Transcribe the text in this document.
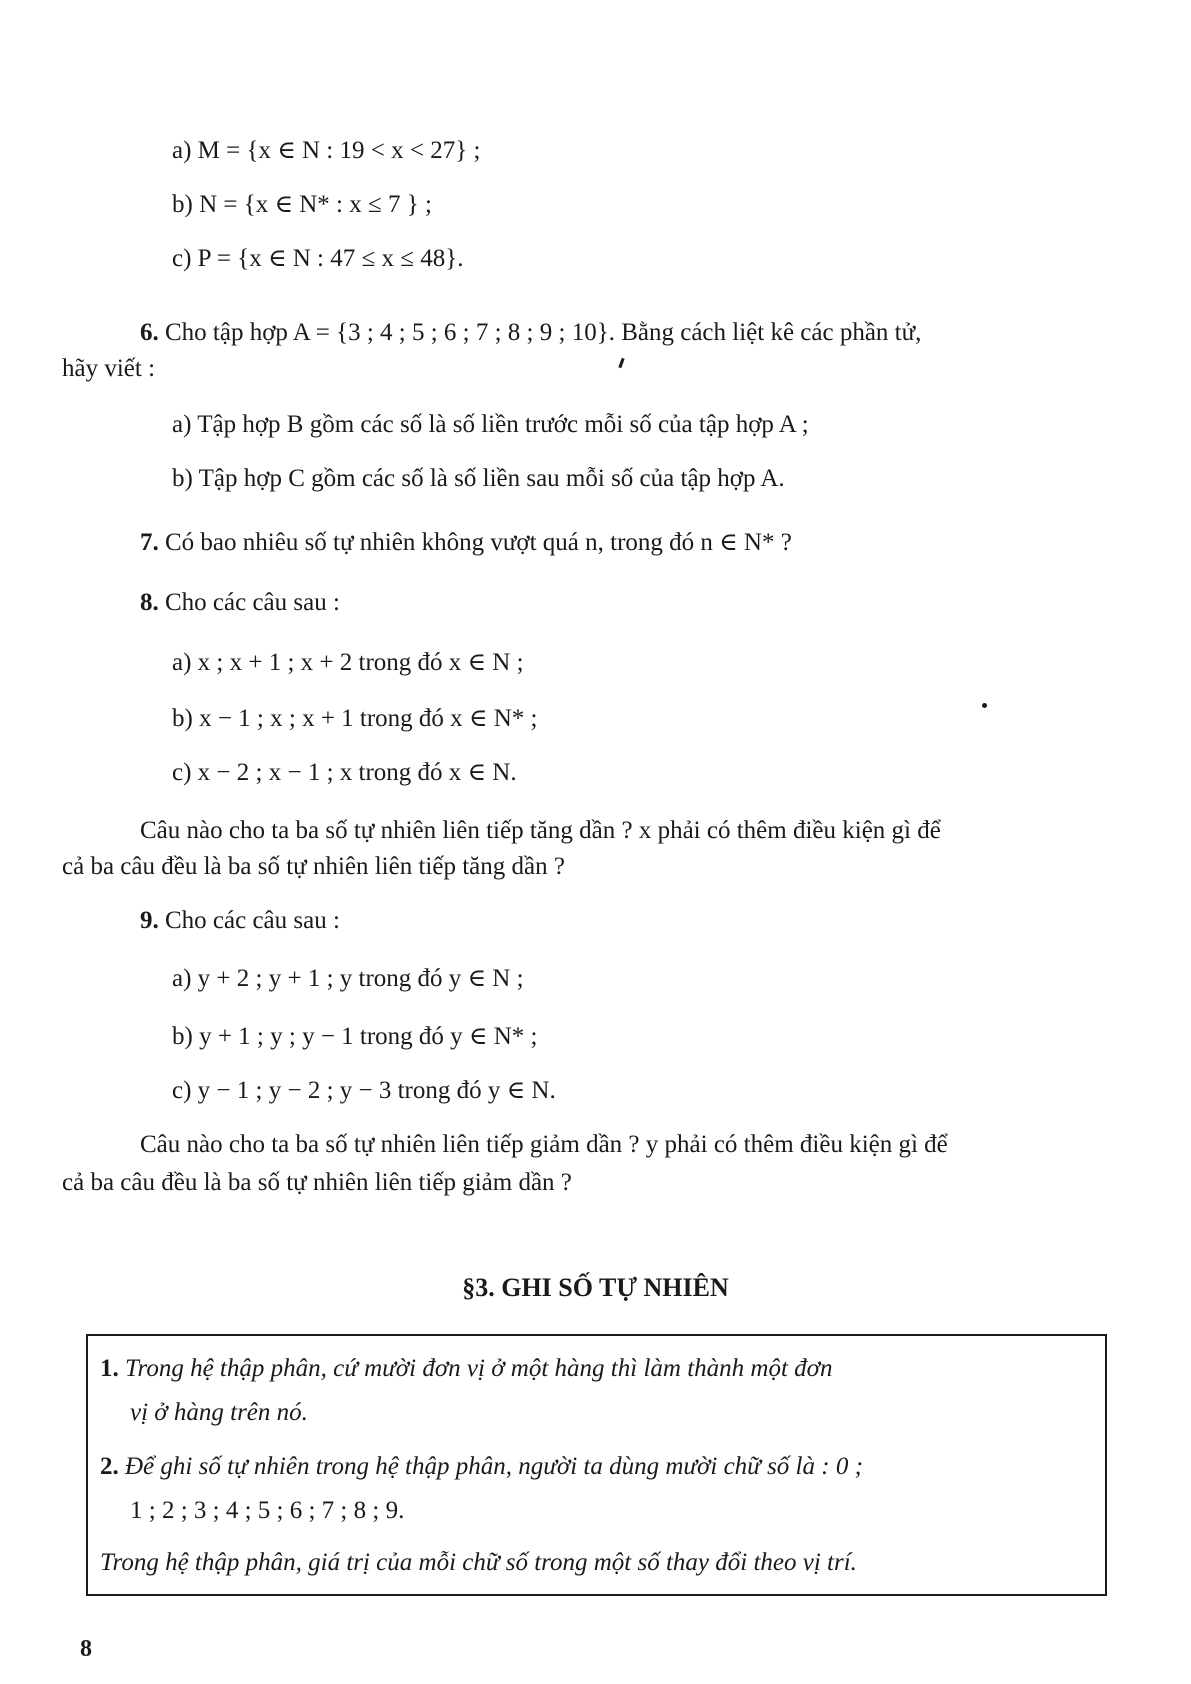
a) M = {x ∈ N : 19 < x < 27} ;
b) N = {x ∈ N* : x ≤ 7 } ;
c) P = {x ∈ N : 47 ≤ x ≤ 48}.
6. Cho tập hợp A = {3 ; 4 ; 5 ; 6 ; 7 ; 8 ; 9 ; 10}. Bằng cách liệt kê các phần tử,
hãy viết :
a) Tập hợp B gồm các số là số liền trước mỗi số của tập hợp A ;
b) Tập hợp C gồm các số là số liền sau mỗi số của tập hợp A.
7. Có bao nhiêu số tự nhiên không vượt quá n, trong đó n ∈ N* ?
8. Cho các câu sau :
a) x ; x + 1 ; x + 2 trong đó x ∈ N ;
b) x − 1 ; x ; x + 1 trong đó x ∈ N* ;
c) x − 2 ; x − 1 ; x trong đó x ∈ N.
Câu nào cho ta ba số tự nhiên liên tiếp tăng dần ? x phải có thêm điều kiện gì để
cả ba câu đều là ba số tự nhiên liên tiếp tăng dần ?
9. Cho các câu sau :
a) y + 2 ; y + 1 ; y trong đó y ∈ N ;
b) y + 1 ; y ; y − 1 trong đó y ∈ N* ;
c) y − 1 ; y − 2 ; y − 3 trong đó y ∈ N.
Câu nào cho ta ba số tự nhiên liên tiếp giảm dần ? y phải có thêm điều kiện gì để
cả ba câu đều là ba số tự nhiên liên tiếp giảm dần ?
§3. GHI SỐ TỰ NHIÊN
1. Trong hệ thập phân, cứ mười đơn vị ở một hàng thì làm thành một đơn
vị ở hàng trên nó.
2. Để ghi số tự nhiên trong hệ thập phân, người ta dùng mười chữ số là : 0 ;
1 ; 2 ; 3 ; 4 ; 5 ; 6 ; 7 ; 8 ; 9.
Trong hệ thập phân, giá trị của mỗi chữ số trong một số thay đổi theo vị trí.
8
